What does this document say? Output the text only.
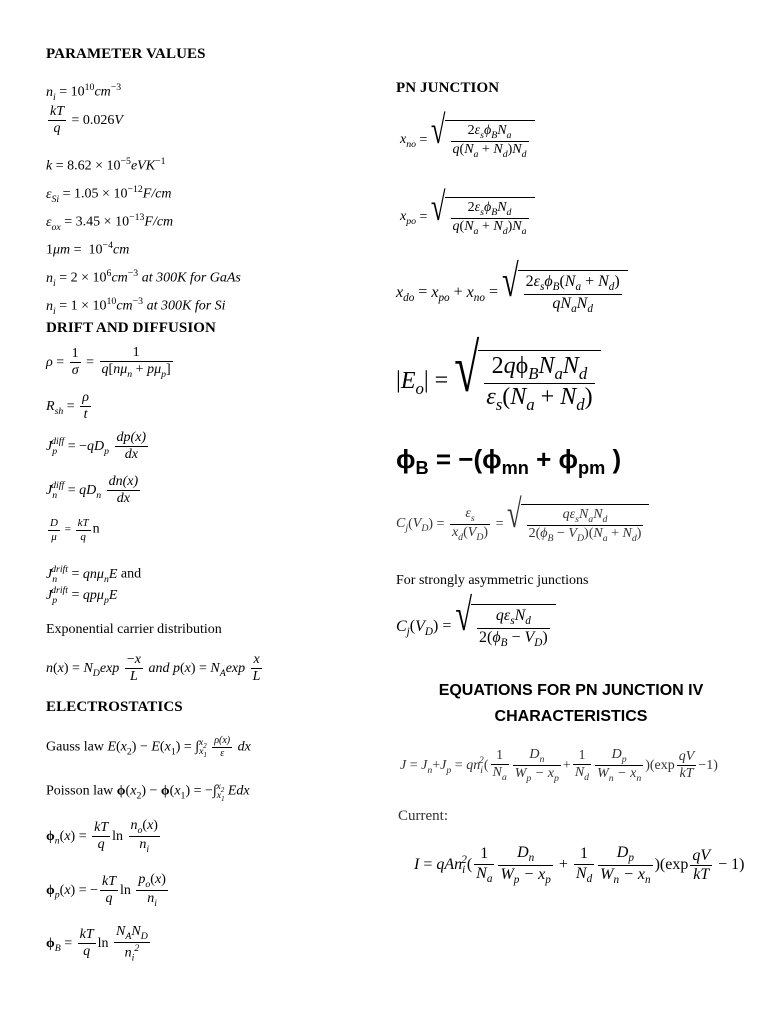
PARAMETER VALUES
$n_i = 10^{10}cm^{-3}$
$\frac{kT}{q} = 0.026V$
$k = 8.62 \times 10^{-5}eVK^{-1}$
$\varepsilon_{Si} = 1.05 \times 10^{-12}F/cm$
$\varepsilon_{ox} = 3.45 \times 10^{-13}F/cm$
$1\mu m = 10^{-4}cm$
$n_i = 2 \times 10^6cm^{-3}$ at 300K for GaAs
$n_i = 1 \times 10^{10}cm^{-3}$ at 300K for Si
DRIFT AND DIFFUSION
$\rho = \frac{1}{\sigma} = \frac{1}{q[n\mu_n + p\mu_p]}$
$R_{sh} = \frac{\rho}{t}$
$J_p^{diff} = -qD_p \frac{dp(x)}{dx}$
$J_n^{diff} = qD_n \frac{dn(x)}{dx}$
$\frac{D}{\mu} = \frac{kT}{q}$ n
$J_n^{drift} = qn\mu_nE$ and
$J_p^{drift} = qp\mu_pE$
Exponential carrier distribution
$n(x) = N_D\exp \frac{-x}{L}$ and $p(x) = N_A\exp \frac{x}{L}$
ELECTROSTATICS
Gauss law $E(x_2) - E(x_1) = \int_{x_1}^{x_2} \frac{\rho(x)}{\varepsilon}$ dx
Poisson law $\phi(x_2) - \phi(x_1) = -\int_{x_1}^{x_2}$ Edx
$\phi_n(x) = \frac{kT}{q}$ $\ln \frac{n_o(x)}{n_i}$
$\phi_p(x)$ = − $\frac{kT}{q}$ $\ln \frac{p_o(x)}{n_i}$
$\phi_B = \frac{kT}{q}$ $\ln \frac{N_AN_D}{n_i^2}$
PN JUNCTION
$x_{no}$ = √ $\frac{2\varepsilon_s\phi_BN_a}{q(N_a + N_d)N_d}$
$x_{po}$ = √ $\frac{2\varepsilon_s\phi_BN_d}{q(N_a + N_d)N_a}$
$x_{do} = x_{po} + x_{no}$ = √ $\frac{2\varepsilon_s\phi_B(N_a + N_d)}{qN_aN_d}$
$|E_o|$ = √ $\frac{2q\phi_BN_aN_d}{\varepsilon_s(N_a + N_d)}$
$\phi_B = -(\phi_{mn} + \phi_{pm}$ )
$C_j(V_D) = \frac{\varepsilon_s}{x_d(V_D)}$ = √ $\frac{q\varepsilon_sN_aN_d}{2(\phi_B - V_D)(N_a + N_d)}$
For strongly asymmetric junctions
$C_j(V_D)$ = √ $\frac{q\varepsilon_sN_d}{2(\phi_B - V_D)}$
EQUATIONS FOR PN JUNCTION IV
CHARACTERISTICS
$J = J_n+J_p = qn_i^2( \frac{1}{N_a} \frac{D_n}{W_p - x_p} + \frac{1}{N_d} \frac{D_p}{W_n - x_n} )(\exp \frac{qV}{kT} -1)$
Current:
$I = qAn_i^2( \frac{1}{N_a} \frac{D_n}{W_p - x_p} + \frac{1}{N_d} \frac{D_p}{W_n - x_n} )(\exp \frac{qV}{kT} - 1)$
